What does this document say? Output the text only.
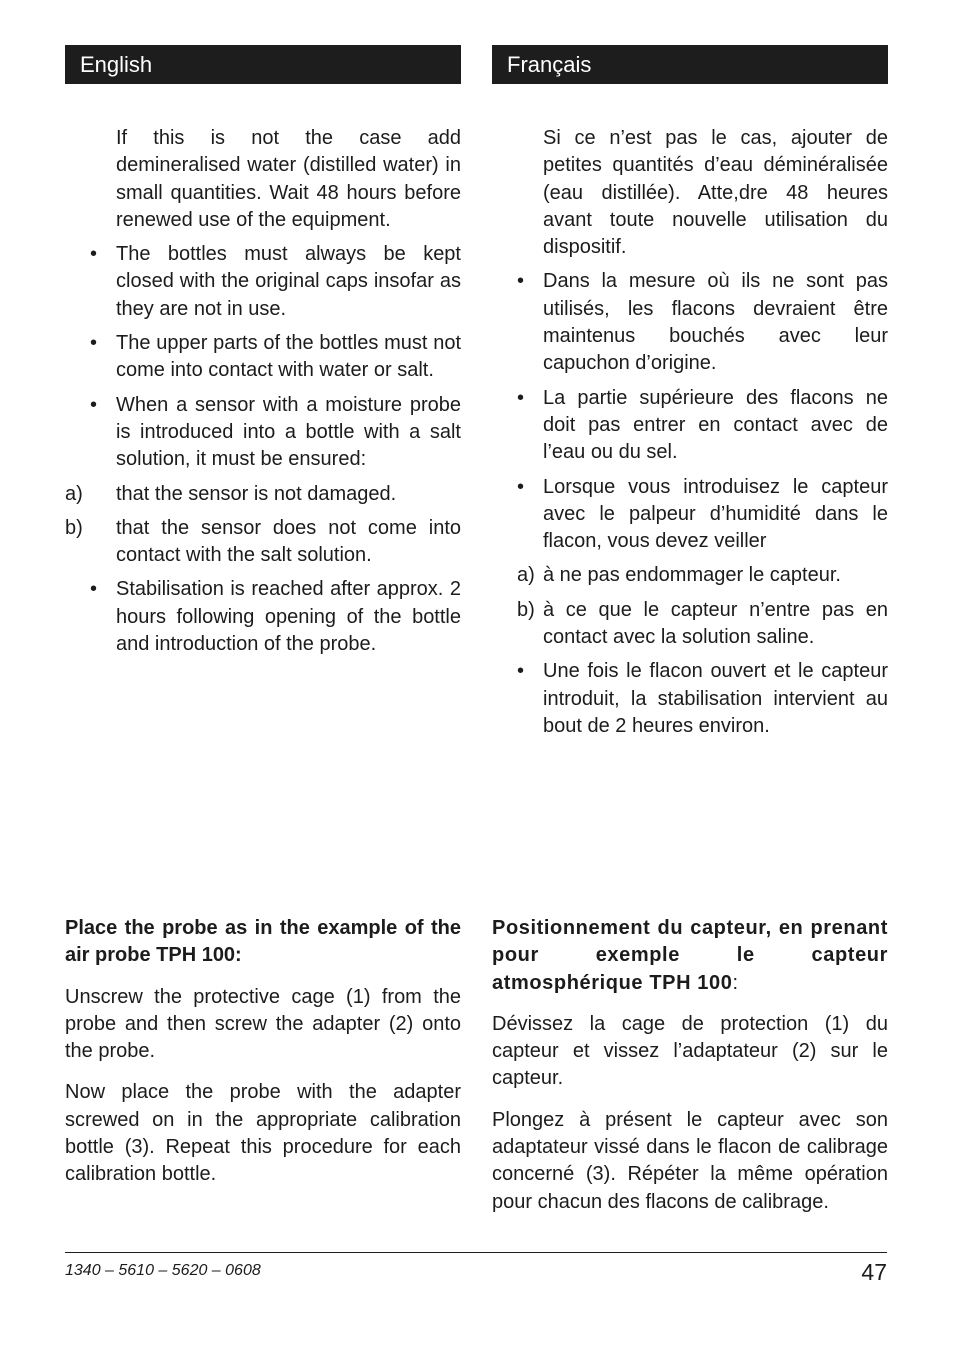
English

If this is not the case add demineralised water (distilled water) in small quantities. Wait 48 hours before renewed use of the equipment.

• The bottles must always be kept closed with the original caps insofar as they are not in use.
• The upper parts of the bottles must not come into contact with water or salt.
• When a sensor with a moisture probe is introduced into a bottle with a salt solution, it must be ensured:
a) that the sensor is not damaged.
b) that the sensor does not come into contact with the salt solution.
• Stabilisation is reached after approx. 2 hours following opening of the bottle and introduction of the probe.

Place the probe as in the example of the air probe TPH 100:

Unscrew the protective cage (1) from the probe and then screw the adapter (2) onto the probe.

Now place the probe with the adapter screwed on in the appropriate calibration bottle (3). Repeat this procedure for each calibration bottle.

Français

Si ce n’est pas le cas, ajouter de petites quantités d’eau déminéralisée (eau distillée). Atte,dre 48 heures avant toute nouvelle utilisation du dispositif.

• Dans la mesure où ils ne sont pas utilisés, les flacons devraient être maintenus bouchés avec leur capuchon d’origine.
• La partie supérieure des flacons ne doit pas entrer en contact avec de l’eau ou du sel.
• Lorsque vous introduisez le capteur avec le palpeur d’humidité dans le flacon, vous devez veiller
a) à ne pas endommager le capteur.
b) à ce que le capteur n’entre pas en contact avec la solution saline.
• Une fois le flacon ouvert et le capteur introduit, la stabilisation intervient au bout de 2 heures environ.

Positionnement du capteur, en prenant pour exemple le capteur atmosphérique TPH 100:

Dévissez la cage de protection (1) du capteur et vissez l’adaptateur (2) sur le capteur.

Plongez à présent le capteur avec son adaptateur vissé dans le flacon de calibrage concerné (3). Répéter la même opération pour chacun des flacons de calibrage.

1340 – 5610 – 5620 – 0608	47
